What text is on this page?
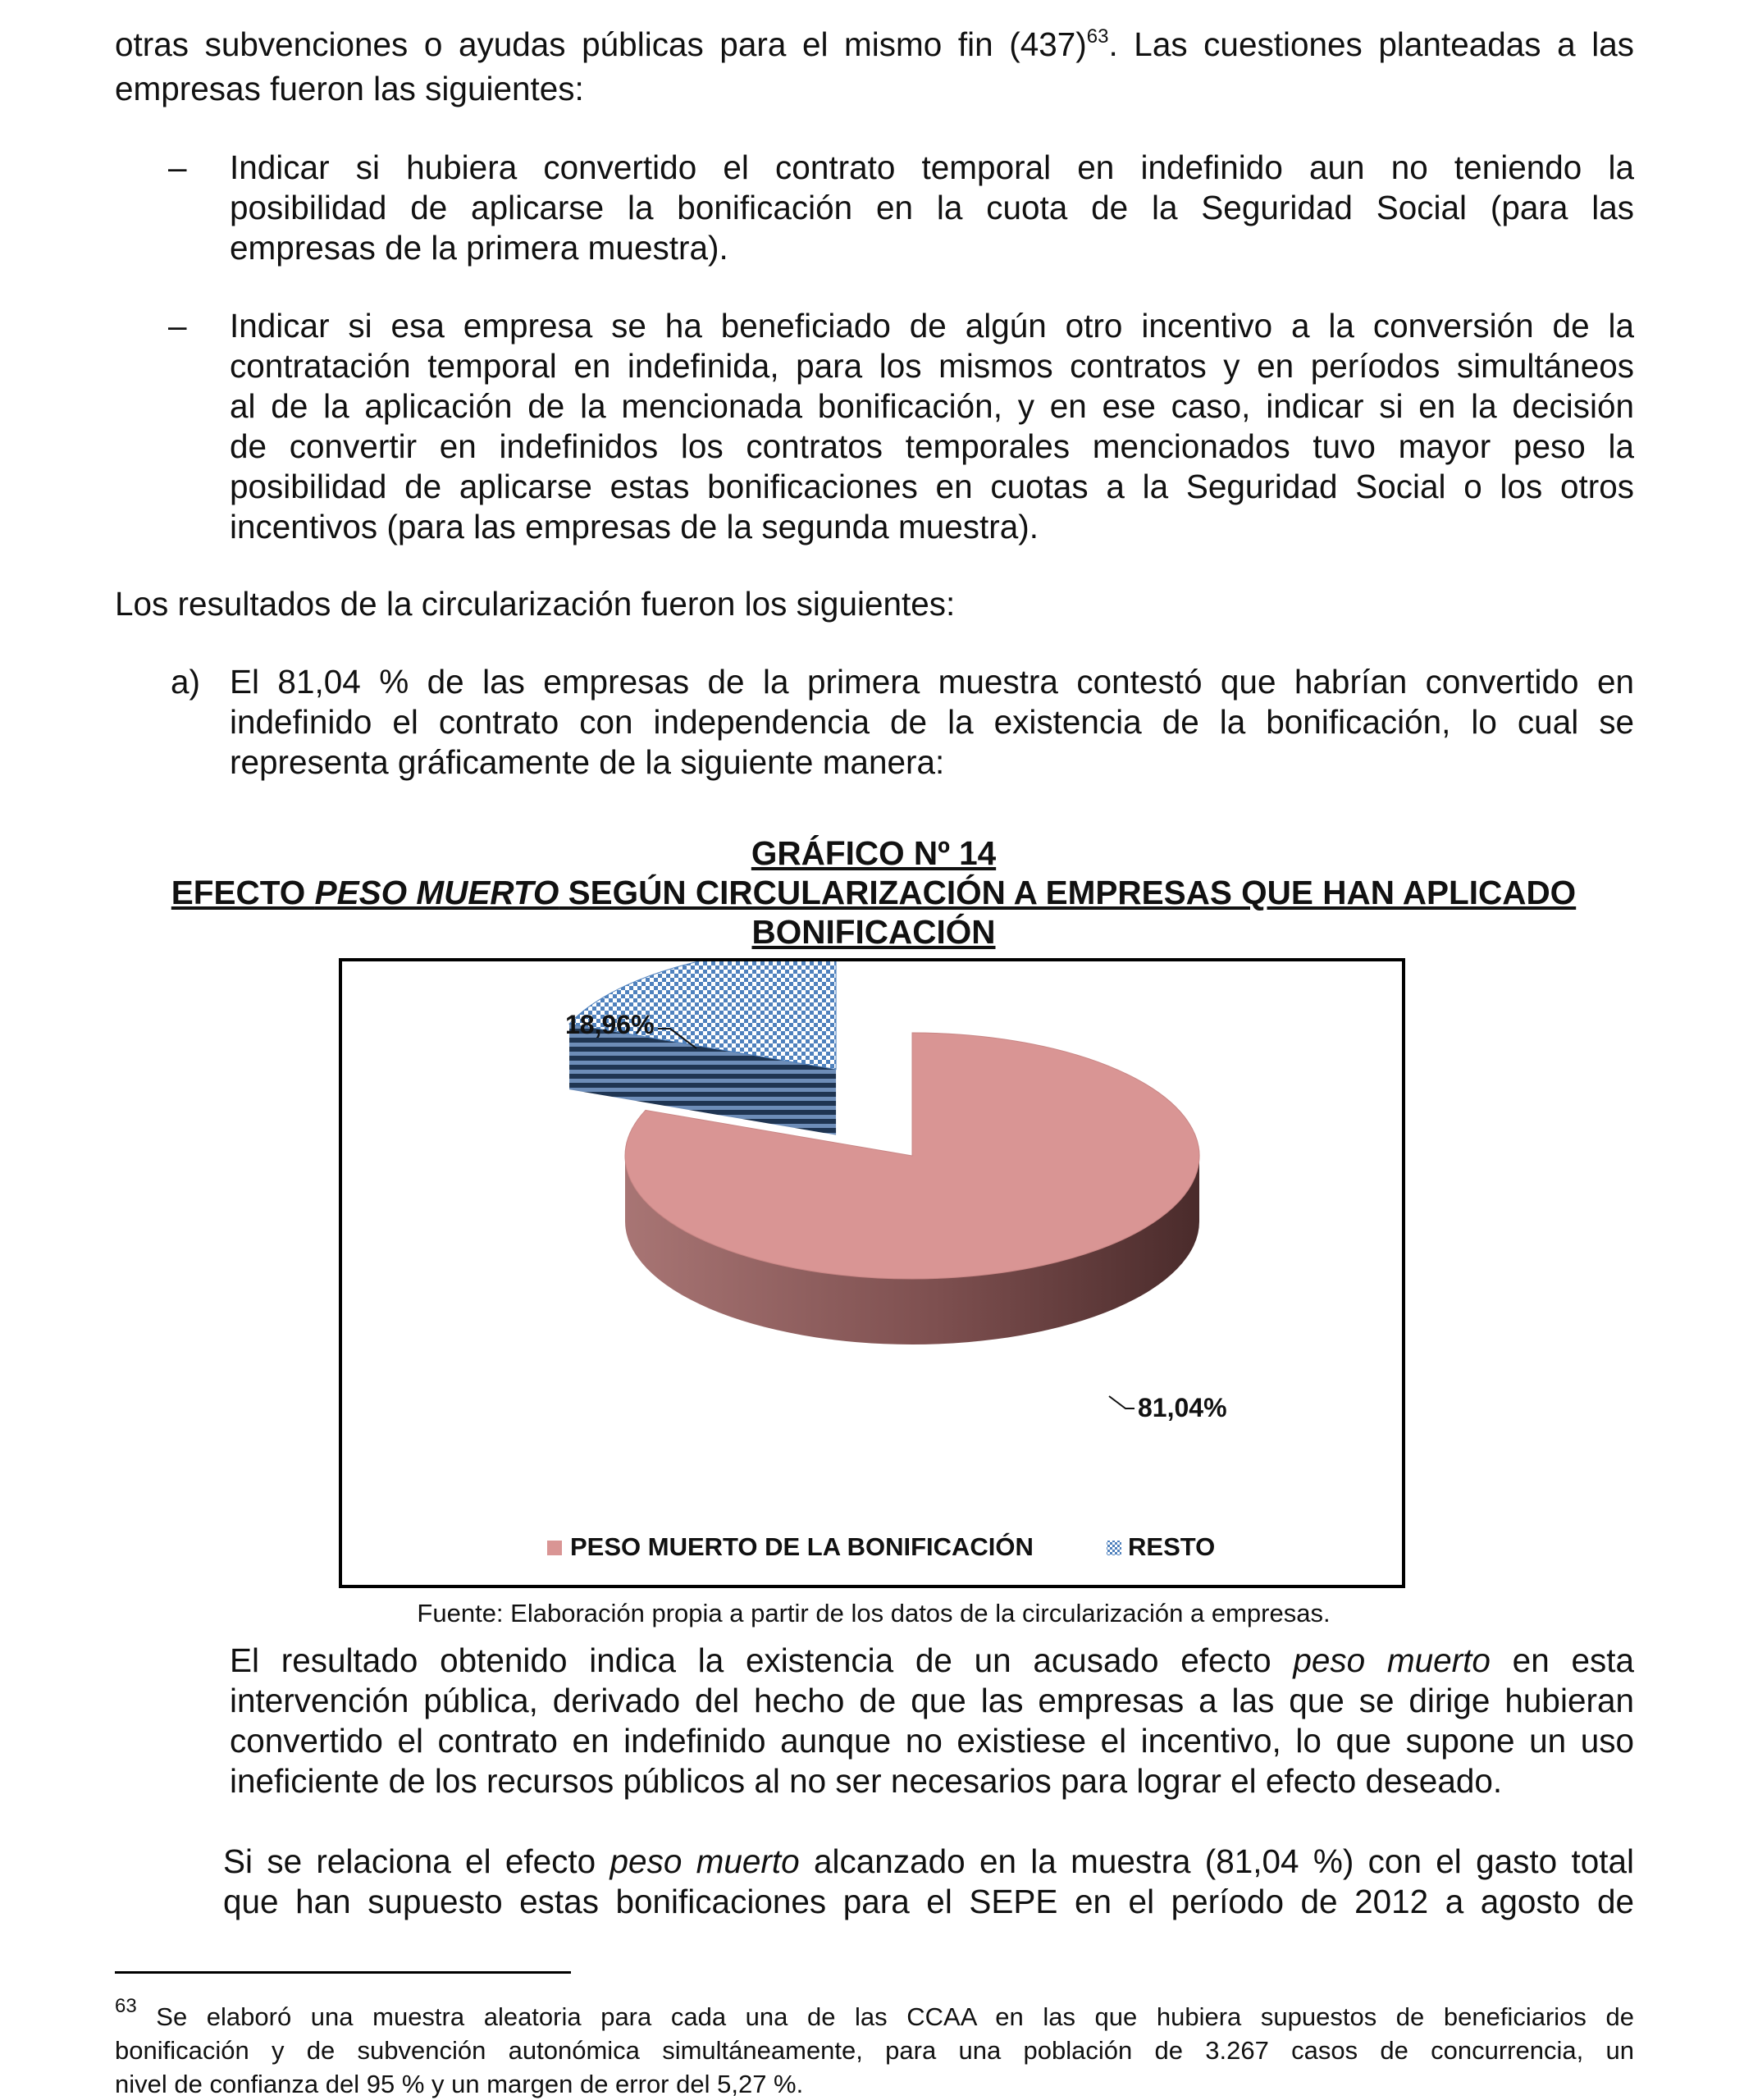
otras subvenciones o ayudas públicas para el mismo fin $(437)^{63}$. Las cuestiones planteadas a las
empresas fueron las siguientes:
– Indicar si hubiera convertido el contrato temporal en indefinido aun no teniendo la
posibilidad de aplicarse la bonificación en la cuota de la Seguridad Social (para las
empresas de la primera muestra).
– Indicar si esa empresa se ha beneficiado de algún otro incentivo a la conversión de la
contratación temporal en indefinida, para los mismos contratos y en períodos simultáneos
al de la aplicación de la mencionada bonificación, y en ese caso, indicar si en la decisión
de convertir en indefinidos los contratos temporales mencionados tuvo mayor peso la
posibilidad de aplicarse estas bonificaciones en cuotas a la Seguridad Social o los otros
incentivos (para las empresas de la segunda muestra).
Los resultados de la circularización fueron los siguientes:
a) El 81,04 % de las empresas de la primera muestra contestó que habrían convertido en
indefinido el contrato con independencia de la existencia de la bonificación, lo cual se
representa gráficamente de la siguiente manera:
GRÁFICO Nº 14
EFECTO PESO MUERTO SEGÚN CIRCULARIZACIÓN A EMPRESAS QUE HAN APLICADO
BONIFICACIÓN
18,96%
81,04%
PESO MUERTO DE LA BONIFICACIÓN	RESTO
Fuente: Elaboración propia a partir de los datos de la circularización a empresas.
El resultado obtenido indica la existencia de un acusado efecto peso muerto en esta
intervención pública, derivado del hecho de que las empresas a las que se dirige hubieran
convertido el contrato en indefinido aunque no existiese el incentivo, lo que supone un uso
ineficiente de los recursos públicos al no ser necesarios para lograr el efecto deseado.
Si se relaciona el efecto peso muerto alcanzado en la muestra (81,04 %) con el gasto total
que han supuesto estas bonificaciones para el SEPE en el período de 2012 a agosto de
$^{63}$ Se elaboró una muestra aleatoria para cada una de las CCAA en las que hubiera supuestos de beneficiarios de
bonificación y de subvención autonómica simultáneamente, para una población de 3.267 casos de concurrencia, un
nivel de confianza del 95 % y un margen de error del 5,27 %.
